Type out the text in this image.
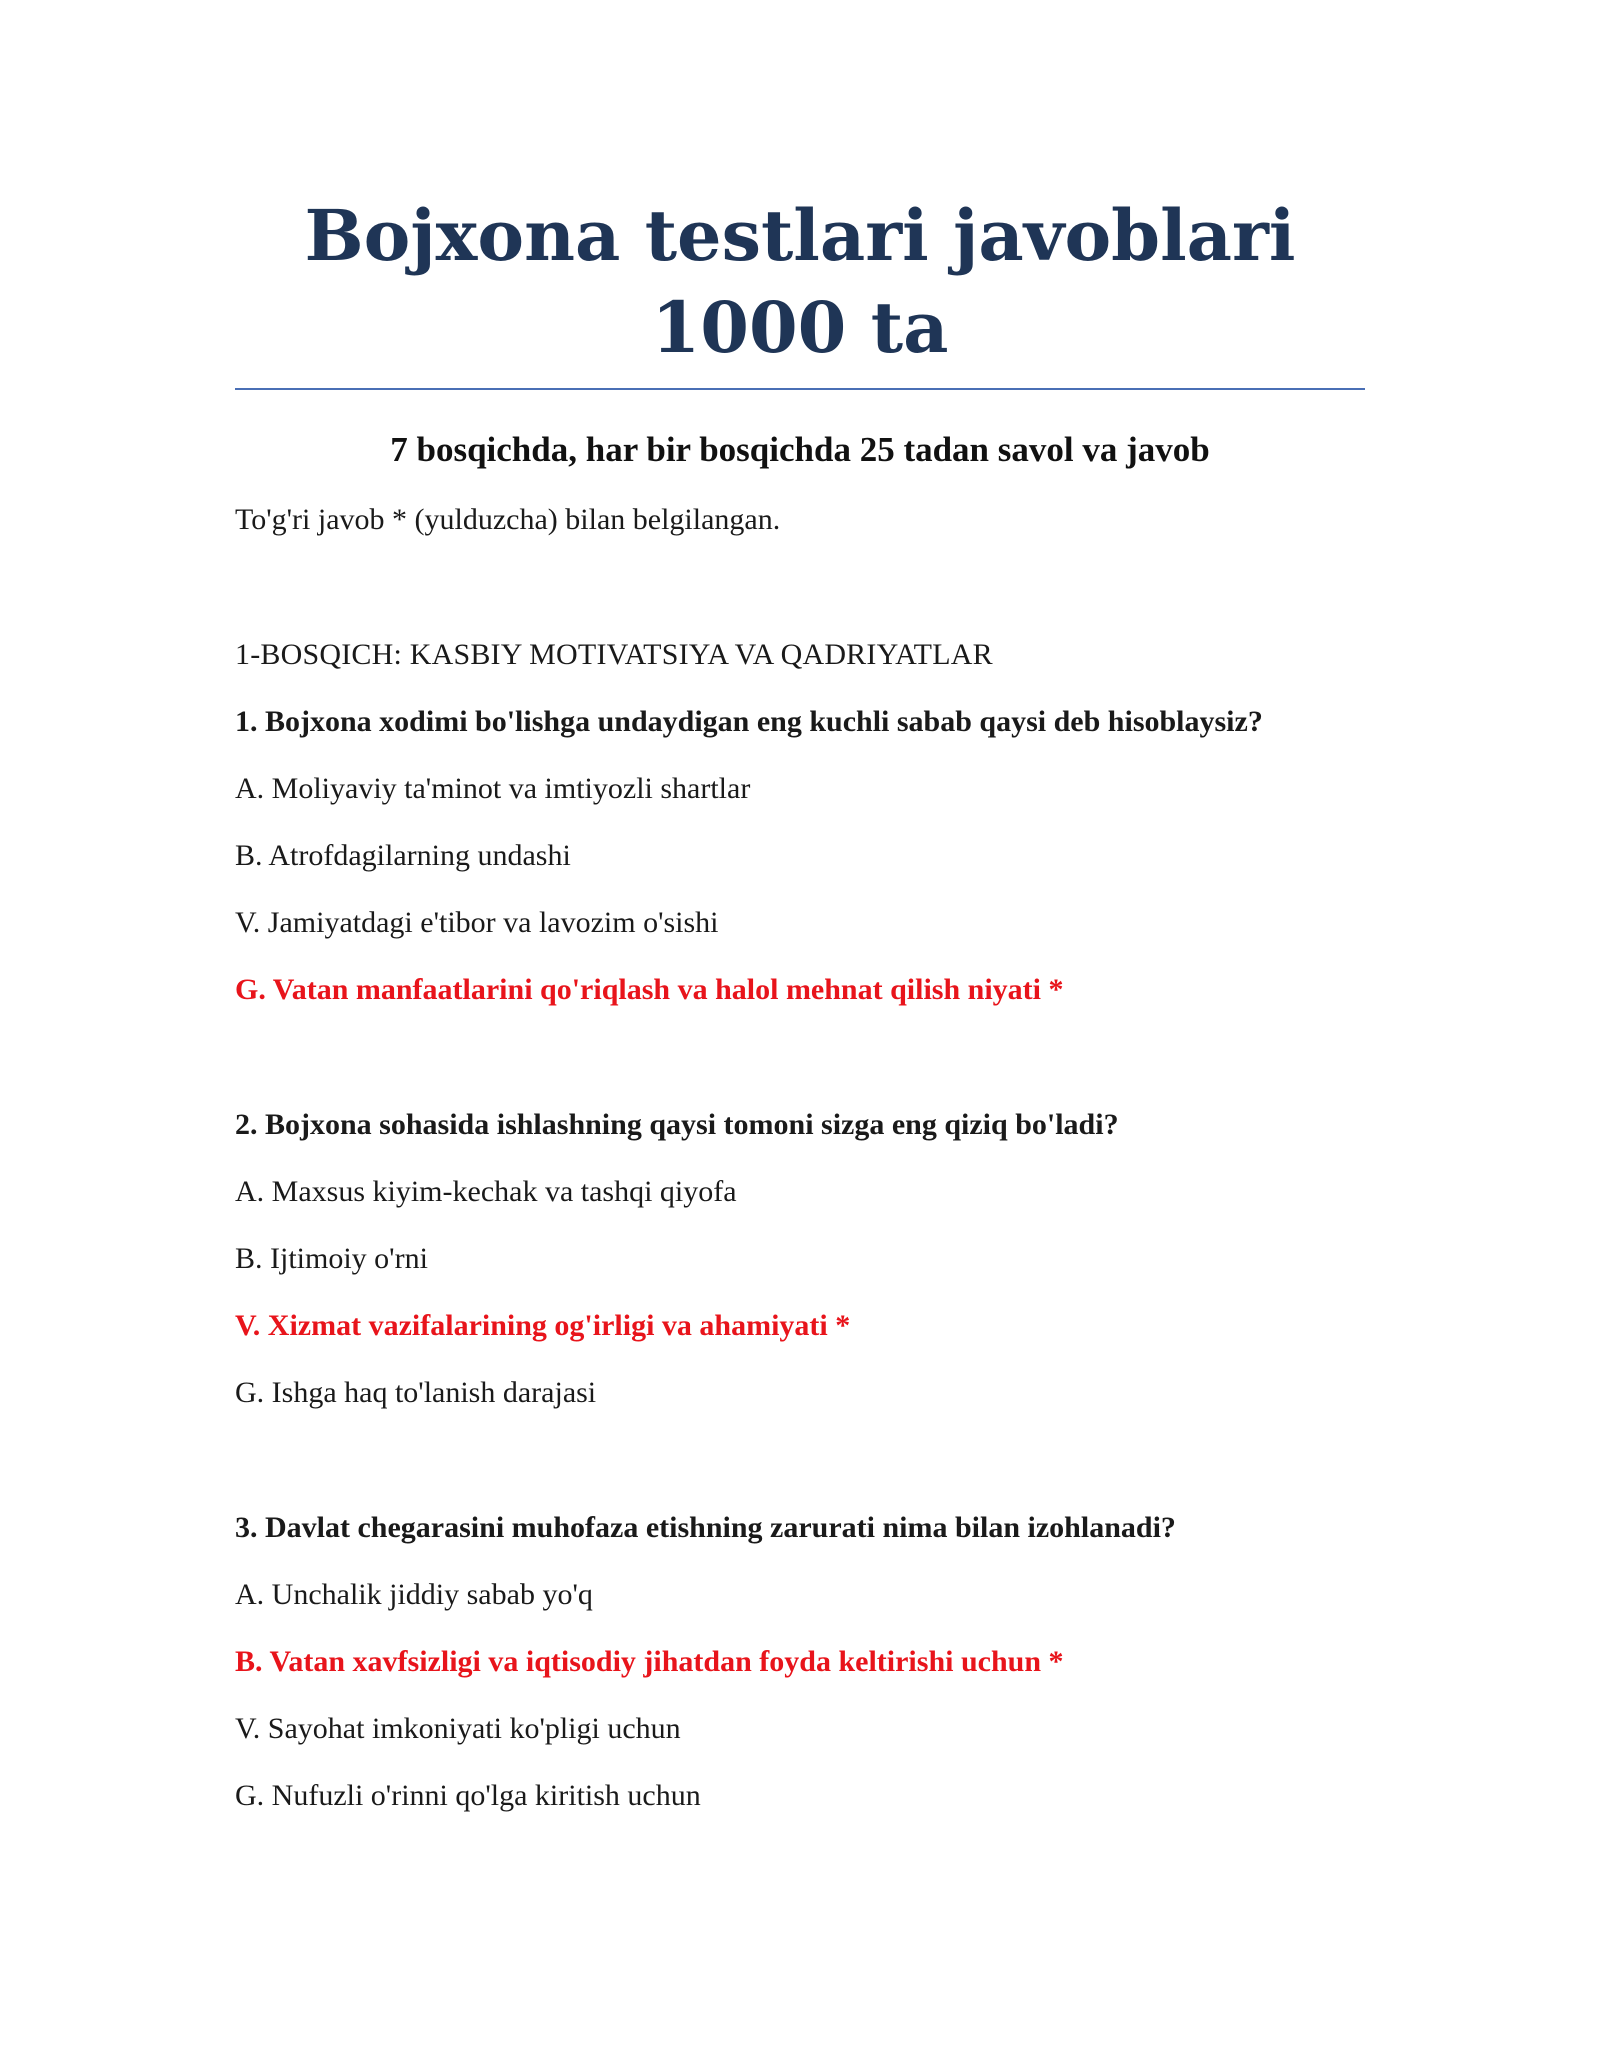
Bojxona testlari javoblari 1000 ta
7 bosqichda, har bir bosqichda 25 tadan savol va javob

To'g'ri javob * (yulduzcha) bilan belgilangan.

1-BOSQICH: KASBIY MOTIVATSIYA VA QADRIYATLAR

1. Bojxona xodimi bo'lishga undaydigan eng kuchli sabab qaysi deb hisoblaysiz?

A. Moliyaviy ta'minot va imtiyozli shartlar

B. Atrofdagilarning undashi

V. Jamiyatdagi e'tibor va lavozim o'sishi

G. Vatan manfaatlarini qo'riqlash va halol mehnat qilish niyati *

2. Bojxona sohasida ishlashning qaysi tomoni sizga eng qiziq bo'ladi?

A. Maxsus kiyim-kechak va tashqi qiyofa

B. Ijtimoiy o'rni

V. Xizmat vazifalarining og'irligi va ahamiyati *

G. Ishga haq to'lanish darajasi

3. Davlat chegarasini muhofaza etishning zarurati nima bilan izohlanadi?

A. Unchalik jiddiy sabab yo'q

B. Vatan xavfsizligi va iqtisodiy jihatdan foyda keltirishi uchun *

V. Sayohat imkoniyati ko'pligi uchun

G. Nufuzli o'rinni qo'lga kiritish uchun
